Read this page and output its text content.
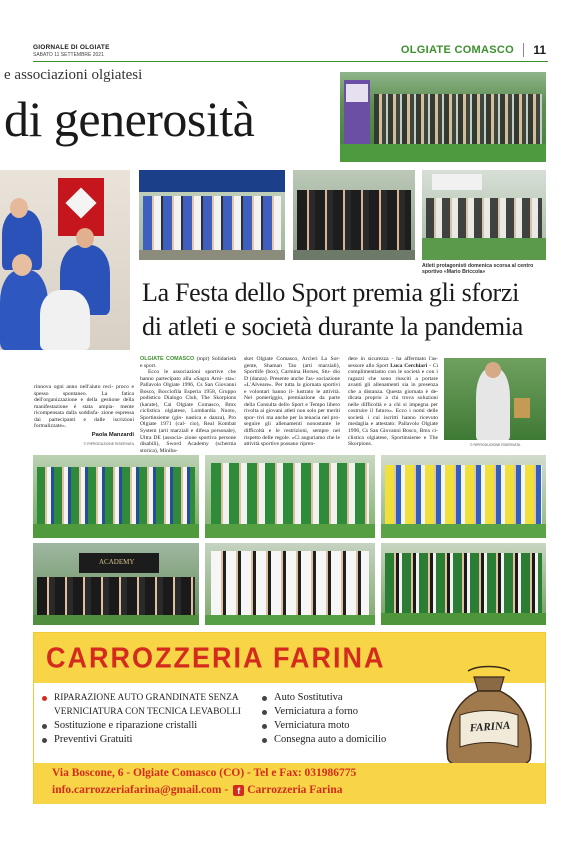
GIORNALE DI OLGIATE
SABATO 11 SETTEMBRE 2021	OLGIATE COMASCO 11
e associazioni olgiatesi
di generosità
Atleti protagonisti domenica scorsa al centro sportivo «Mario Briccola»
La Festa dello Sport premia gli sforzi
di atleti e società durante la pandemia
rinnova ogni anno nell'aiuto reci- proco e spesso spontaneo. La fatica dell'organizzazione e della gestione della manifestazione è stata ampia- mente ricompensata dalla soddisfa- zione espressa dai partecipanti e dalle iscrizioni formalizzate».
Paola Manzardi
© RIPRODUZIONE RISERVATA
OLGIATE COMASCO (mpr) Solidarietà e sport.
Ecco le associazioni sportive che hanno partecipato alla «Sagra Arni- sta»: Pallavolo Olgiate 1996, Cs San Giovanni Bosco, Bocciofila Esperia 1958, Gruppo podistico Dialogo Club, The Skorpions (karate), Cai Olgiate Comasco, Bmx ciclistica olgiatese, Lombardia Nuoto, Sportinsieme (gin- nastica e danza), Pro Olgiate 1971 (cal- cio), Real Kombat System (arti marziali e difesa personale), Ultra DE (associa- zione sportiva persone disabili), Sword Academy (scherma storica), Miniba-
sket Olgiate Comasco, Arcieri La Sor- gente, Shaman Tao (arti marziali), Sportlife (box), Carmina Horses, Stu- dio D (danza). Presente anche l'as- sociazione «L'Alveare». Per tutta la giornata sportivi e volontari hanno il- lustrato le attività. Nel pomeriggio, premiazione da parte della Consulta dello Sport e Tempo libero rivolta ai giovani atleti non solo per meriti spor- tivi ma anche per la tenacia nel pro- seguire gli allenamenti nonostante le difficoltà e le restrizioni, sempre nel rispetto delle regole. «Ci auguriamo che le attività sportive possano ripren-
dere in sicurezza - ha affermato l'as- sessore allo Sport Luca Cerchiari - Ci complimentiamo con le società e con i ragazzi che sono riusciti a portare avanti gli allenamenti sia in presenza che a distanza. Questa giornata è de- dicata proprio a chi trova soluzioni nelle difficoltà e a chi si impegna per costruire il futuro». Ecco i nomi delle società i cui iscritti hanno ricevuto medaglia e attestato: Pallavolo Olgiate 1996, Cs San Giovanni Bosco, Bmx ci- clistica olgiatese, Sportinsieme e The Skorpions.	© RIPRODUZIONE RISERVATA
ACADEMY
CARROZZERIA FARINA
RIPARAZIONE AUTO GRANDINATE SENZA
VERNICIATURA CON TECNICA LEVABOLLI
Sostituzione e riparazione cristalli
Preventivi Gratuiti
Auto Sostitutiva
Verniciatura a forno
Verniciatura moto
Consegna auto a domicilio
FARINA
Via Boscone, 6 - Olgiate Comasco (CO) - Tel e Fax: 031986775
info.carrozzeriafarina@gmail.com -	f Carrozzeria Farina
